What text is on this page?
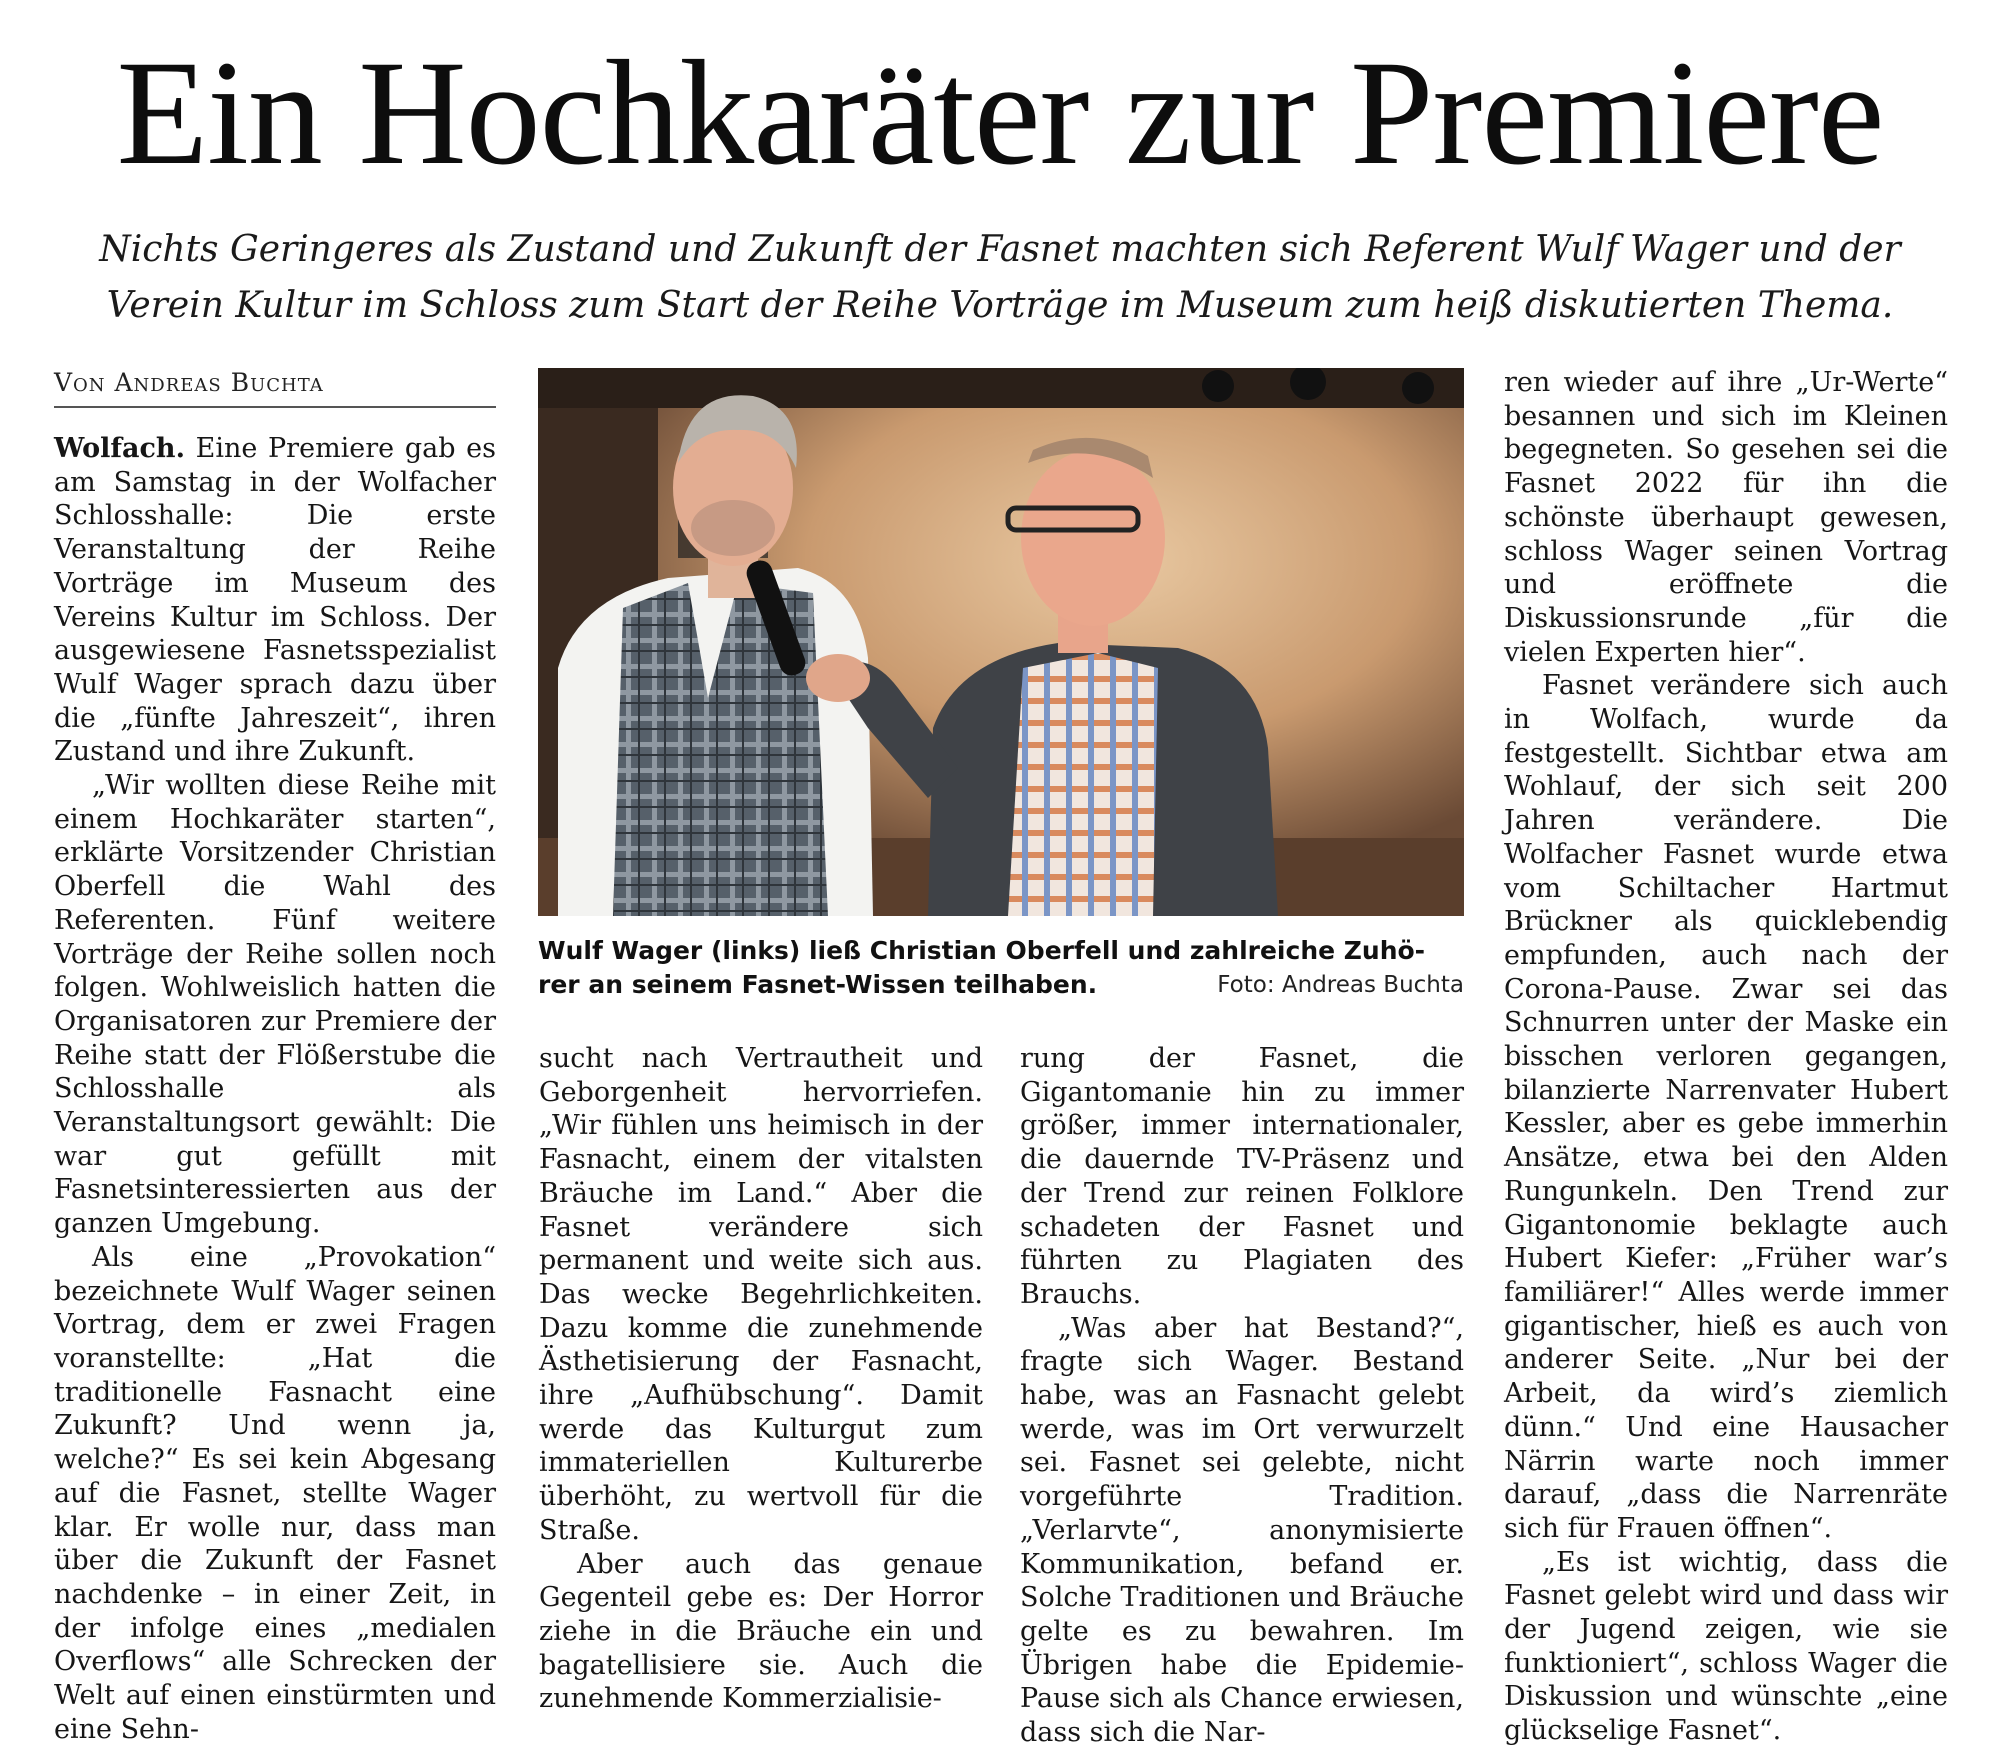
Ein Hochkaräter zur Premiere
Nichts Geringeres als Zustand und Zukunft der Fasnet machten sich Referent Wulf Wager und der Verein Kultur im Schloss zum Start der Reihe Vorträge im Museum zum heiß diskutierten Thema.
Von Andreas Buchta

Wolfach. Eine Premiere gab es am Samstag in der Wolfacher Schlosshalle: Die erste Veranstaltung der Reihe Vorträge im Museum des Vereins Kultur im Schloss. Der ausgewiesene Fasnetsspezialist Wulf Wager sprach dazu über die „fünfte Jahreszeit“, ihren Zustand und ihre Zukunft.

„Wir wollten diese Reihe mit einem Hochkaräter starten“, erklärte Vorsitzender Christian Oberfell die Wahl des Referenten. Fünf weitere Vorträge der Reihe sollen noch folgen. Wohlweislich hatten die Organisatoren zur Premiere der Reihe statt der Flößerstube die Schlosshalle als Veranstaltungsort gewählt: Die war gut gefüllt mit Fasnetsinteressierten aus der ganzen Umgebung.

Als eine „Provokation“ bezeichnete Wulf Wager seinen Vortrag, dem er zwei Fragen voranstellte: „Hat die traditionelle Fasnacht eine Zukunft? Und wenn ja, welche?“ Es sei kein Abgesang auf die Fasnet, stellte Wager klar. Er wolle nur, dass man über die Zukunft der Fasnet nachdenke – in einer Zeit, in der infolge eines „medialen Overflows“ alle Schrecken der Welt auf einen einstürmten und eine Sehn-

Wulf Wager (links) ließ Christian Oberfell und zahlreiche Zuhö-
rer an seinem Fasnet-Wissen teilhaben.	Foto: Andreas Buchta

sucht nach Vertrautheit und Geborgenheit hervorriefen. „Wir fühlen uns heimisch in der Fasnacht, einem der vitalsten Bräuche im Land.“ Aber die Fasnet verändere sich permanent und weite sich aus. Das wecke Begehrlichkeiten. Dazu komme die zunehmende Ästhetisierung der Fasnacht, ihre „Aufhübschung“. Damit werde das Kulturgut zum immateriellen Kulturerbe überhöht, zu wertvoll für die Straße.

Aber auch das genaue Gegenteil gebe es: Der Horror ziehe in die Bräuche ein und bagatellisiere sie. Auch die zunehmende Kommerzialisie-

rung der Fasnet, die Gigantomanie hin zu immer größer, immer internationaler, die dauernde TV-Präsenz und der Trend zur reinen Folklore schadeten der Fasnet und führten zu Plagiaten des Brauchs.

„Was aber hat Bestand?“, fragte sich Wager. Bestand habe, was an Fasnacht gelebt werde, was im Ort verwurzelt sei. Fasnet sei gelebte, nicht vorgeführte Tradition. „Verlarvte“, anonymisierte Kommunikation, befand er. Solche Traditionen und Bräuche gelte es zu bewahren. Im Übrigen habe die Epidemie-Pause sich als Chance erwiesen, dass sich die Nar-

ren wieder auf ihre „Ur-Werte“ besannen und sich im Kleinen begegneten. So gesehen sei die Fasnet 2022 für ihn die schönste überhaupt gewesen, schloss Wager seinen Vortrag und eröffnete die Diskussionsrunde „für die vielen Experten hier“.

Fasnet verändere sich auch in Wolfach, wurde da festgestellt. Sichtbar etwa am Wohlauf, der sich seit 200 Jahren verändere. Die Wolfacher Fasnet wurde etwa vom Schiltacher Hartmut Brückner als quicklebendig empfunden, auch nach der Corona-Pause. Zwar sei das Schnurren unter der Maske ein bisschen verloren gegangen, bilanzierte Narrenvater Hubert Kessler, aber es gebe immerhin Ansätze, etwa bei den Alden Rungunkeln. Den Trend zur Gigantonomie beklagte auch Hubert Kiefer: „Früher war’s familiärer!“ Alles werde immer gigantischer, hieß es auch von anderer Seite. „Nur bei der Arbeit, da wird’s ziemlich dünn.“ Und eine Hausacher Närrin warte noch immer darauf, „dass die Narrenräte sich für Frauen öffnen“.

„Es ist wichtig, dass die Fasnet gelebt wird und dass wir der Jugend zeigen, wie sie funktioniert“, schloss Wager die Diskussion und wünschte „eine glückselige Fasnet“.
